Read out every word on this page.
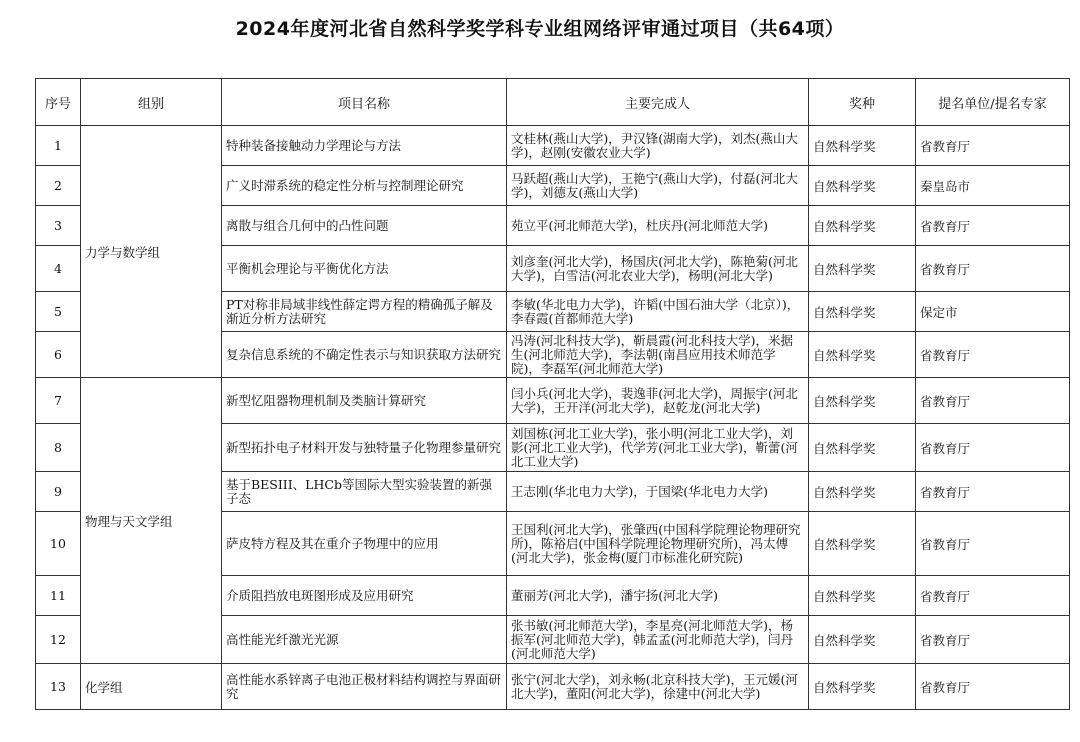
2024年度河北省自然科学奖学科专业组网络评审通过项目（共64项）
序号	组别	项目名称	主要完成人	奖种	提名单位/提名专家
1	力学与数学组	特种装备接触动力学理论与方法	文桂林(燕山大学)，尹汉锋(湖南大学)，刘杰(燕山大学)，赵刚(安徽农业大学)	自然科学奖	省教育厅
2		广义时滞系统的稳定性分析与控制理论研究	马跃超(燕山大学)，王艳宁(燕山大学)，付磊(河北大学)，刘德友(燕山大学)	自然科学奖	秦皇岛市
3		离散与组合几何中的凸性问题	苑立平(河北师范大学)，杜庆丹(河北师范大学)	自然科学奖	省教育厅
4		平衡机会理论与平衡优化方法	刘彦奎(河北大学)，杨国庆(河北大学)，陈艳菊(河北大学)，白雪洁(河北农业大学)，杨明(河北大学)	自然科学奖	省教育厅
5		PT对称非局域非线性薛定谔方程的精确孤子解及渐近分析方法研究	李敏(华北电力大学)，许韬(中国石油大学（北京）)，李春霞(首都师范大学)	自然科学奖	保定市
6		复杂信息系统的不确定性表示与知识获取方法研究	冯涛(河北科技大学)，靳晨霞(河北科技大学)，米据生(河北师范大学)，李法朝(南昌应用技术师范学院)，李磊军(河北师范大学)	自然科学奖	省教育厅
7	物理与天文学组	新型忆阻器物理机制及类脑计算研究	闫小兵(河北大学)，裴逸菲(河北大学)，周振宇(河北大学)，王开洋(河北大学)，赵乾龙(河北大学)	自然科学奖	省教育厅
8		新型拓扑电子材料开发与独特量子化物理参量研究	刘国栋(河北工业大学)，张小明(河北工业大学)，刘影(河北工业大学)，代学芳(河北工业大学)，靳蕾(河北工业大学)	自然科学奖	省教育厅
9		基于BESIII、LHCb等国际大型实验装置的新强子态	王志刚(华北电力大学)，于国梁(华北电力大学)	自然科学奖	省教育厅
10		萨皮特方程及其在重介子物理中的应用	王国利(河北大学)，张肇西(中国科学院理论物理研究所)，陈裕启(中国科学院理论物理研究所)，冯太傅(河北大学)，张金梅(厦门市标准化研究院)	自然科学奖	省教育厅
11		介质阻挡放电斑图形成及应用研究	董丽芳(河北大学)，潘宇扬(河北大学)	自然科学奖	省教育厅
12		高性能光纤激光光源	张书敏(河北师范大学)，李星亮(河北师范大学)，杨振军(河北师范大学)，韩孟孟(河北师范大学)，闫丹(河北师范大学)	自然科学奖	省教育厅
13	化学组	高性能水系锌离子电池正极材料结构调控与界面研究	张宁(河北大学)，刘永畅(北京科技大学)，王元媛(河北大学)，董阳(河北大学)，徐建中(河北大学)	自然科学奖	省教育厅
